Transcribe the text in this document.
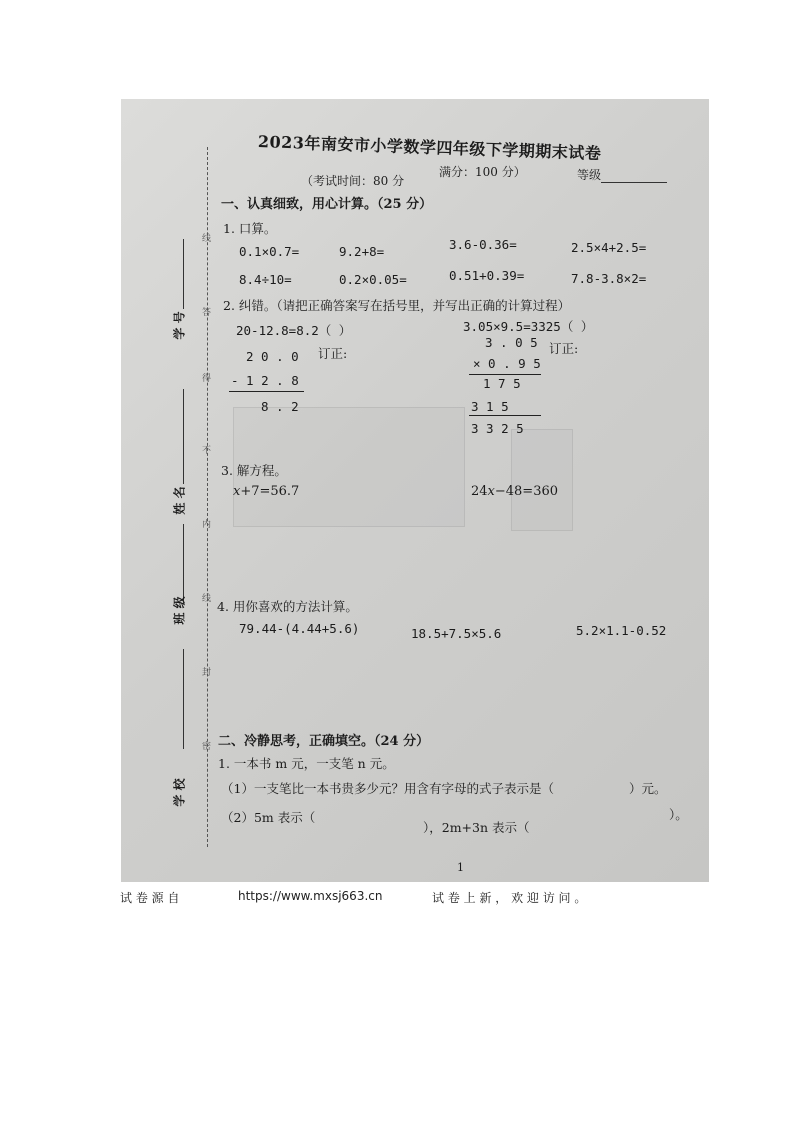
2023年南安市小学数学四年级下学期期末试卷
（考试时间：80 分
满分：100 分）	等级
学 号
姓 名
班 级
学 校
线
答
得
不
内
线
封
密
一、认真细致，用心计算。（25 分）
1. 口算。
0.1×0.7=	9.2+8=	3.6-0.36=	2.5×4+2.5=
8.4÷10=	0.2×0.05=	0.51+0.39=	7.8-3.8×2=
2. 纠错。（请把正确答案写在括号里，并写出正确的计算过程）
20-12.8=8.2（ ）
订正:
2 0 . 0
- 1 2 . 8
8 . 2
3.05×9.5=3325（ ）
订正:
3 . 0 5
× 0 . 9 5
1 7 5
3 1 5
3 3 2 5
3. 解方程。
𝑥+7=56.7	24𝑥−48=360
4. 用你喜欢的方法计算。
79.44-(4.44+5.6)	18.5+7.5×5.6	5.2×1.1-0.52
二、冷静思考，正确填空。（24 分）
1. 一本书 m 元，一支笔 n 元。
（1）一支笔比一本书贵多少元？用含有字母的式子表示是（	）元。
（2）5m 表示（
），2m+3n 表示（
）。
1
试 卷 源 自	https://www.mxsj663.cn	试 卷 上 新 ， 欢 迎 访 问 。
